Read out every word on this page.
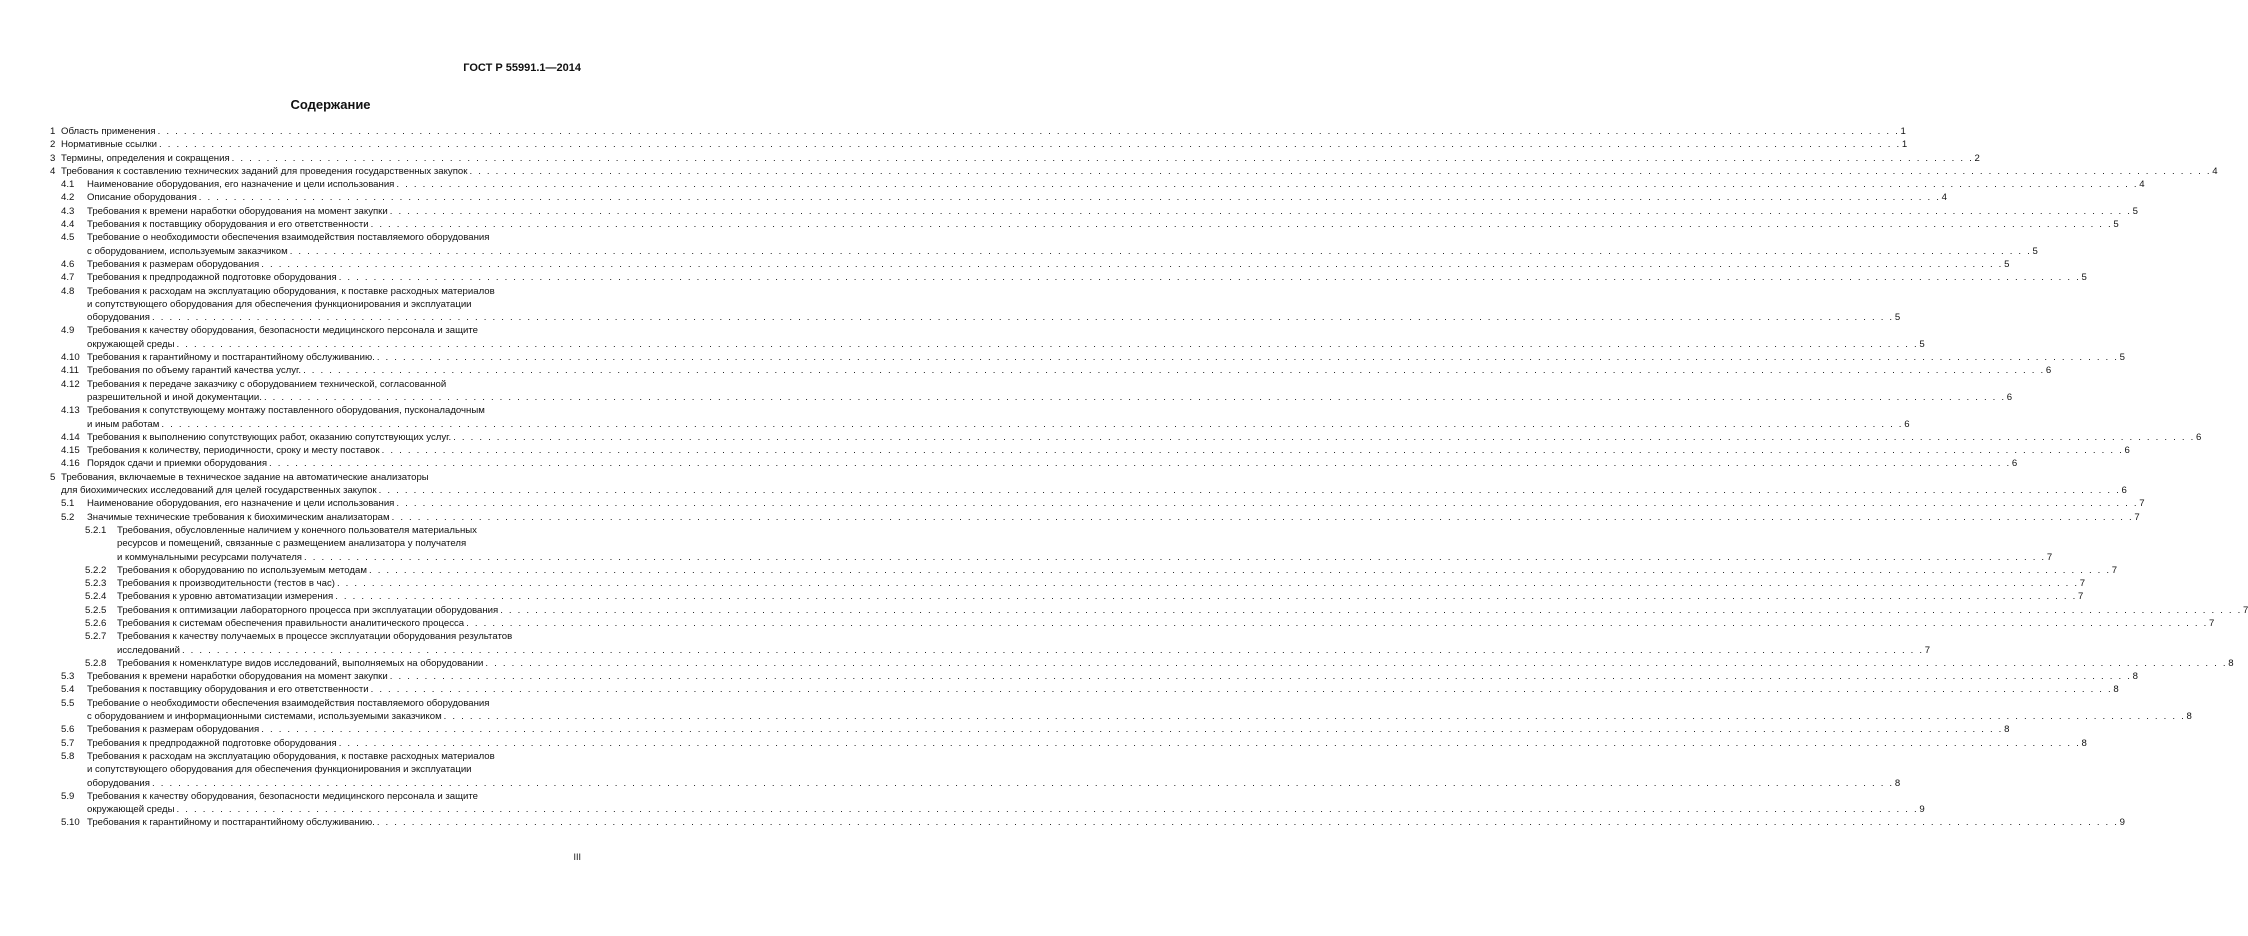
ГОСТ Р 55991.1—2014
Содержание
1 Область применения . . . . . . . . . . . . . . . . . . . . . . . . . . . . . . . . . . . . . . . . . . . . . . . . . . . . . . . . . . . . . . . . . . . . . . . . . . . . . . . . . . . . . . . . . . . . . . . . . . . . . . . . . . . . . . . . . . . . . . . . . . . . . . . . . . . . . . . . . . . . . . . . . . . . . . . . . . . . . . . . . . . . . . . . . . . . . . . . . . . . . . . . . . . . . . . . . . . . . . . . 1
2 Нормативные ссылки . . . . . . . . . . . . . . . . . . . . . . . . . . . . . . . . . . . . . . . . . . . . . . . . . . . . . . . . . . . . . . . . . . . . . . . . . . . . . . . . . . . . . . . . . . . . . . . . . . . . . . . . . . . . . . . . . . . . . . . . . . . . . . . . . . . . . . . . . . . . . . . . . . . . . . . . . . . . . . . . . . . . . . . . . . . . . . . . . . . . . . . . . . . . . . . . . . . . . . . . 1
3 Термины, определения и сокращения . . . . . . . . . . . . . . . . . . . . . . . . . . . . . . . . . . . . . . . . . . . . . . . . . . . . . . . . . . . . . . . . . . . . . . . . . . . . . . . . . . . . . . . . . . . . . . . . . . . . . . . . . . . . . . . . . . . . . . . . . . . . . . . . . . . . . . . . . . . . . . . . . . . . . . . . . . . . . . . . . . . . . . . . . . . . . . . . . . . . . . . . . . . . . . . . . . . . . . . . 2
4 Требования к составлению технических заданий для проведения государственных закупок . . . . . . . . . . . . . . . . . . . . . . . . . . . . . . . . . . . . . . . . . . . . . . . . . . . . . . . . . . . . . . . . . . . . . . . . . . . . . . . . . . . . . . . . . . . . . . . . . . . . . . . . . . . . . . . . . . . . . . . . . . . . . . . . . . . . . . . . . . . . . . . . . . . . . . . . . . . . . . . . . . . . . . . . . . . . . . . . . . . . . . . . . . . . . . . . . . . . . . . . 4
4.1	Наименование оборудования, его назначение и цели использования . . . . . . . . . . . . . . . . . . . . . . . . . . . . . . . . . . . . . . . . . . . . . . . . . . . . . . . . . . . . . . . . . . . . . . . . . . . . . . . . . . . . . . . . . . . . . . . . . . . . . . . . . . . . . . . . . . . . . . . . . . . . . . . . . . . . . . . . . . . . . . . . . . . . . . . . . . . . . . . . . . . . . . . . . . . . . . . . . . . . . . . . . . . . . . . . . . . . . . . . 4
4.2	Описание оборудования . . . . . . . . . . . . . . . . . . . . . . . . . . . . . . . . . . . . . . . . . . . . . . . . . . . . . . . . . . . . . . . . . . . . . . . . . . . . . . . . . . . . . . . . . . . . . . . . . . . . . . . . . . . . . . . . . . . . . . . . . . . . . . . . . . . . . . . . . . . . . . . . . . . . . . . . . . . . . . . . . . . . . . . . . . . . . . . . . . . . . . . . . . . . . . . . . . . . . . . . 4
4.3	Требования к времени наработки оборудования на момент закупки . . . . . . . . . . . . . . . . . . . . . . . . . . . . . . . . . . . . . . . . . . . . . . . . . . . . . . . . . . . . . . . . . . . . . . . . . . . . . . . . . . . . . . . . . . . . . . . . . . . . . . . . . . . . . . . . . . . . . . . . . . . . . . . . . . . . . . . . . . . . . . . . . . . . . . . . . . . . . . . . . . . . . . . . . . . . . . . . . . . . . . . . . . . . . . . . . . . . . . . . 5
4.4	Требования к поставщику оборудования и его ответственности . . . . . . . . . . . . . . . . . . . . . . . . . . . . . . . . . . . . . . . . . . . . . . . . . . . . . . . . . . . . . . . . . . . . . . . . . . . . . . . . . . . . . . . . . . . . . . . . . . . . . . . . . . . . . . . . . . . . . . . . . . . . . . . . . . . . . . . . . . . . . . . . . . . . . . . . . . . . . . . . . . . . . . . . . . . . . . . . . . . . . . . . . . . . . . . . . . . . . . . . 5
4.5	Требование о необходимости обеспечения взаимодействия поставляемого оборудования
с оборудованием, используемым заказчиком . . . . . . . . . . . . . . . . . . . . . . . . . . . . . . . . . . . . . . . . . . . . . . . . . . . . . . . . . . . . . . . . . . . . . . . . . . . . . . . . . . . . . . . . . . . . . . . . . . . . . . . . . . . . . . . . . . . . . . . . . . . . . . . . . . . . . . . . . . . . . . . . . . . . . . . . . . . . . . . . . . . . . . . . . . . . . . . . . . . . . . . . . . . . . . . . . . . . . . . . 5
4.6	Требования к размерам оборудования . . . . . . . . . . . . . . . . . . . . . . . . . . . . . . . . . . . . . . . . . . . . . . . . . . . . . . . . . . . . . . . . . . . . . . . . . . . . . . . . . . . . . . . . . . . . . . . . . . . . . . . . . . . . . . . . . . . . . . . . . . . . . . . . . . . . . . . . . . . . . . . . . . . . . . . . . . . . . . . . . . . . . . . . . . . . . . . . . . . . . . . . . . . . . . . . . . . . . . . . 5
4.7	Требования к предпродажной подготовке оборудования . . . . . . . . . . . . . . . . . . . . . . . . . . . . . . . . . . . . . . . . . . . . . . . . . . . . . . . . . . . . . . . . . . . . . . . . . . . . . . . . . . . . . . . . . . . . . . . . . . . . . . . . . . . . . . . . . . . . . . . . . . . . . . . . . . . . . . . . . . . . . . . . . . . . . . . . . . . . . . . . . . . . . . . . . . . . . . . . . . . . . . . . . . . . . . . . . . . . . . . . 5
4.8	Требования к расходам на эксплуатацию оборудования, к поставке расходных материалов
и сопутствующего оборудования для обеспечения функционирования и эксплуатации
оборудования . . . . . . . . . . . . . . . . . . . . . . . . . . . . . . . . . . . . . . . . . . . . . . . . . . . . . . . . . . . . . . . . . . . . . . . . . . . . . . . . . . . . . . . . . . . . . . . . . . . . . . . . . . . . . . . . . . . . . . . . . . . . . . . . . . . . . . . . . . . . . . . . . . . . . . . . . . . . . . . . . . . . . . . . . . . . . . . . . . . . . . . . . . . . . . . . . . . . . . . . 5
4.9	Требования к качеству оборудования, безопасности медицинского персонала и защите
окружающей среды . . . . . . . . . . . . . . . . . . . . . . . . . . . . . . . . . . . . . . . . . . . . . . . . . . . . . . . . . . . . . . . . . . . . . . . . . . . . . . . . . . . . . . . . . . . . . . . . . . . . . . . . . . . . . . . . . . . . . . . . . . . . . . . . . . . . . . . . . . . . . . . . . . . . . . . . . . . . . . . . . . . . . . . . . . . . . . . . . . . . . . . . . . . . . . . . . . . . . . . . 5
4.10 Требования к гарантийному и постгарантийному обслуживанию. . . . . . . . . . . . . . . . . . . . . . . . . . . . . . . . . . . . . . . . . . . . . . . . . . . . . . . . . . . . . . . . . . . . . . . . . . . . . . . . . . . . . . . . . . . . . . . . . . . . . . . . . . . . . . . . . . . . . . . . . . . . . . . . . . . . . . . . . . . . . . . . . . . . . . . . . . . . . . . . . . . . . . . . . . . . . . . . . . . . . . . . . . . . . . . . . . . . . . . . . 5
4.11 Требования по объему гарантий качества услуг. . . . . . . . . . . . . . . . . . . . . . . . . . . . . . . . . . . . . . . . . . . . . . . . . . . . . . . . . . . . . . . . . . . . . . . . . . . . . . . . . . . . . . . . . . . . . . . . . . . . . . . . . . . . . . . . . . . . . . . . . . . . . . . . . . . . . . . . . . . . . . . . . . . . . . . . . . . . . . . . . . . . . . . . . . . . . . . . . . . . . . . . . . . . . . . . . . . . . . . . . 6
4.12 Требования к передаче заказчику с оборудованием технической, согласованной
разрешительной и иной документации. . . . . . . . . . . . . . . . . . . . . . . . . . . . . . . . . . . . . . . . . . . . . . . . . . . . . . . . . . . . . . . . . . . . . . . . . . . . . . . . . . . . . . . . . . . . . . . . . . . . . . . . . . . . . . . . . . . . . . . . . . . . . . . . . . . . . . . . . . . . . . . . . . . . . . . . . . . . . . . . . . . . . . . . . . . . . . . . . . . . . . . . . . . . . . . . . . . . . . . . . 6
4.13 Требования к сопутствующему монтажу поставленного оборудования, пусконаладочным
и иным работам . . . . . . . . . . . . . . . . . . . . . . . . . . . . . . . . . . . . . . . . . . . . . . . . . . . . . . . . . . . . . . . . . . . . . . . . . . . . . . . . . . . . . . . . . . . . . . . . . . . . . . . . . . . . . . . . . . . . . . . . . . . . . . . . . . . . . . . . . . . . . . . . . . . . . . . . . . . . . . . . . . . . . . . . . . . . . . . . . . . . . . . . . . . . . . . . . . . . . . . . 6
4.14 Требования к выполнению сопутствующих работ, оказанию сопутствующих услуг. . . . . . . . . . . . . . . . . . . . . . . . . . . . . . . . . . . . . . . . . . . . . . . . . . . . . . . . . . . . . . . . . . . . . . . . . . . . . . . . . . . . . . . . . . . . . . . . . . . . . . . . . . . . . . . . . . . . . . . . . . . . . . . . . . . . . . . . . . . . . . . . . . . . . . . . . . . . . . . . . . . . . . . . . . . . . . . . . . . . . . . . . . . . . . . . . . . . . . . . . 6
4.15 Требования к количеству, периодичности, сроку и месту поставок . . . . . . . . . . . . . . . . . . . . . . . . . . . . . . . . . . . . . . . . . . . . . . . . . . . . . . . . . . . . . . . . . . . . . . . . . . . . . . . . . . . . . . . . . . . . . . . . . . . . . . . . . . . . . . . . . . . . . . . . . . . . . . . . . . . . . . . . . . . . . . . . . . . . . . . . . . . . . . . . . . . . . . . . . . . . . . . . . . . . . . . . . . . . . . . . . . . . . . . . 6
4.16 Порядок сдачи и приемки оборудования . . . . . . . . . . . . . . . . . . . . . . . . . . . . . . . . . . . . . . . . . . . . . . . . . . . . . . . . . . . . . . . . . . . . . . . . . . . . . . . . . . . . . . . . . . . . . . . . . . . . . . . . . . . . . . . . . . . . . . . . . . . . . . . . . . . . . . . . . . . . . . . . . . . . . . . . . . . . . . . . . . . . . . . . . . . . . . . . . . . . . . . . . . . . . . . . . . . . . . . . 6
5 Требования, включаемые в техническое задание на автоматические анализаторы
для биохимических исследований для целей государственных закупок . . . . . . . . . . . . . . . . . . . . . . . . . . . . . . . . . . . . . . . . . . . . . . . . . . . . . . . . . . . . . . . . . . . . . . . . . . . . . . . . . . . . . . . . . . . . . . . . . . . . . . . . . . . . . . . . . . . . . . . . . . . . . . . . . . . . . . . . . . . . . . . . . . . . . . . . . . . . . . . . . . . . . . . . . . . . . . . . . . . . . . . . . . . . . . . . . . . . . . . . 6
5.1	Наименование оборудования, его назначение и цели использования . . . . . . . . . . . . . . . . . . . . . . . . . . . . . . . . . . . . . . . . . . . . . . . . . . . . . . . . . . . . . . . . . . . . . . . . . . . . . . . . . . . . . . . . . . . . . . . . . . . . . . . . . . . . . . . . . . . . . . . . . . . . . . . . . . . . . . . . . . . . . . . . . . . . . . . . . . . . . . . . . . . . . . . . . . . . . . . . . . . . . . . . . . . . . . . . . . . . . . . . 7
5.2	Значимые технические требования к биохимическим анализаторам . . . . . . . . . . . . . . . . . . . . . . . . . . . . . . . . . . . . . . . . . . . . . . . . . . . . . . . . . . . . . . . . . . . . . . . . . . . . . . . . . . . . . . . . . . . . . . . . . . . . . . . . . . . . . . . . . . . . . . . . . . . . . . . . . . . . . . . . . . . . . . . . . . . . . . . . . . . . . . . . . . . . . . . . . . . . . . . . . . . . . . . . . . . . . . . . . . . . . . . . 7
5.2.1	Требования, обусловленные наличием у конечного пользователя материальных
ресурсов и помещений, связанные с размещением анализатора у получателя
и коммунальными ресурсами получателя . . . . . . . . . . . . . . . . . . . . . . . . . . . . . . . . . . . . . . . . . . . . . . . . . . . . . . . . . . . . . . . . . . . . . . . . . . . . . . . . . . . . . . . . . . . . . . . . . . . . . . . . . . . . . . . . . . . . . . . . . . . . . . . . . . . . . . . . . . . . . . . . . . . . . . . . . . . . . . . . . . . . . . . . . . . . . . . . . . . . . . . . . . . . . . . . . . . . . . . . 7
5.2.2	Требования к оборудованию по используемым методам . . . . . . . . . . . . . . . . . . . . . . . . . . . . . . . . . . . . . . . . . . . . . . . . . . . . . . . . . . . . . . . . . . . . . . . . . . . . . . . . . . . . . . . . . . . . . . . . . . . . . . . . . . . . . . . . . . . . . . . . . . . . . . . . . . . . . . . . . . . . . . . . . . . . . . . . . . . . . . . . . . . . . . . . . . . . . . . . . . . . . . . . . . . . . . . . . . . . . . . . 7
5.2.3	Требования к производительности (тестов в час) . . . . . . . . . . . . . . . . . . . . . . . . . . . . . . . . . . . . . . . . . . . . . . . . . . . . . . . . . . . . . . . . . . . . . . . . . . . . . . . . . . . . . . . . . . . . . . . . . . . . . . . . . . . . . . . . . . . . . . . . . . . . . . . . . . . . . . . . . . . . . . . . . . . . . . . . . . . . . . . . . . . . . . . . . . . . . . . . . . . . . . . . . . . . . . . . . . . . . . . . 7
5.2.4	Требования к уровню автоматизации измерения . . . . . . . . . . . . . . . . . . . . . . . . . . . . . . . . . . . . . . . . . . . . . . . . . . . . . . . . . . . . . . . . . . . . . . . . . . . . . . . . . . . . . . . . . . . . . . . . . . . . . . . . . . . . . . . . . . . . . . . . . . . . . . . . . . . . . . . . . . . . . . . . . . . . . . . . . . . . . . . . . . . . . . . . . . . . . . . . . . . . . . . . . . . . . . . . . . . . . . . . 7
5.2.5	Требования к оптимизации лабораторного процесса при эксплуатации оборудования . . . . . . . . . . . . . . . . . . . . . . . . . . . . . . . . . . . . . . . . . . . . . . . . . . . . . . . . . . . . . . . . . . . . . . . . . . . . . . . . . . . . . . . . . . . . . . . . . . . . . . . . . . . . . . . . . . . . . . . . . . . . . . . . . . . . . . . . . . . . . . . . . . . . . . . . . . . . . . . . . . . . . . . . . . . . . . . . . . . . . . . . . . . . . . . . . . . . . . . . 7
5.2.6	Требования к системам обеспечения правильности аналитического процесса . . . . . . . . . . . . . . . . . . . . . . . . . . . . . . . . . . . . . . . . . . . . . . . . . . . . . . . . . . . . . . . . . . . . . . . . . . . . . . . . . . . . . . . . . . . . . . . . . . . . . . . . . . . . . . . . . . . . . . . . . . . . . . . . . . . . . . . . . . . . . . . . . . . . . . . . . . . . . . . . . . . . . . . . . . . . . . . . . . . . . . . . . . . . . . . . . . . . . . . . 7
5.2.7	Требования к качеству получаемых в процессе эксплуатации оборудования результатов
исследований . . . . . . . . . . . . . . . . . . . . . . . . . . . . . . . . . . . . . . . . . . . . . . . . . . . . . . . . . . . . . . . . . . . . . . . . . . . . . . . . . . . . . . . . . . . . . . . . . . . . . . . . . . . . . . . . . . . . . . . . . . . . . . . . . . . . . . . . . . . . . . . . . . . . . . . . . . . . . . . . . . . . . . . . . . . . . . . . . . . . . . . . . . . . . . . . . . . . . . . . 7
5.2.8	Требования к номенклатуре видов исследований, выполняемых на оборудовании . . . . . . . . . . . . . . . . . . . . . . . . . . . . . . . . . . . . . . . . . . . . . . . . . . . . . . . . . . . . . . . . . . . . . . . . . . . . . . . . . . . . . . . . . . . . . . . . . . . . . . . . . . . . . . . . . . . . . . . . . . . . . . . . . . . . . . . . . . . . . . . . . . . . . . . . . . . . . . . . . . . . . . . . . . . . . . . . . . . . . . . . . . . . . . . . . . . . . . . . 8
5.3	Требования к времени наработки оборудования на момент закупки . . . . . . . . . . . . . . . . . . . . . . . . . . . . . . . . . . . . . . . . . . . . . . . . . . . . . . . . . . . . . . . . . . . . . . . . . . . . . . . . . . . . . . . . . . . . . . . . . . . . . . . . . . . . . . . . . . . . . . . . . . . . . . . . . . . . . . . . . . . . . . . . . . . . . . . . . . . . . . . . . . . . . . . . . . . . . . . . . . . . . . . . . . . . . . . . . . . . . . . . 8
5.4	Требования к поставщику оборудования и его ответственности . . . . . . . . . . . . . . . . . . . . . . . . . . . . . . . . . . . . . . . . . . . . . . . . . . . . . . . . . . . . . . . . . . . . . . . . . . . . . . . . . . . . . . . . . . . . . . . . . . . . . . . . . . . . . . . . . . . . . . . . . . . . . . . . . . . . . . . . . . . . . . . . . . . . . . . . . . . . . . . . . . . . . . . . . . . . . . . . . . . . . . . . . . . . . . . . . . . . . . . . 8
5.5	Требование о необходимости обеспечения взаимодействия поставляемого оборудования
с оборудованием и информационными системами, используемыми заказчиком . . . . . . . . . . . . . . . . . . . . . . . . . . . . . . . . . . . . . . . . . . . . . . . . . . . . . . . . . . . . . . . . . . . . . . . . . . . . . . . . . . . . . . . . . . . . . . . . . . . . . . . . . . . . . . . . . . . . . . . . . . . . . . . . . . . . . . . . . . . . . . . . . . . . . . . . . . . . . . . . . . . . . . . . . . . . . . . . . . . . . . . . . . . . . . . . . . . . . . . . 8
5.6	Требования к размерам оборудования . . . . . . . . . . . . . . . . . . . . . . . . . . . . . . . . . . . . . . . . . . . . . . . . . . . . . . . . . . . . . . . . . . . . . . . . . . . . . . . . . . . . . . . . . . . . . . . . . . . . . . . . . . . . . . . . . . . . . . . . . . . . . . . . . . . . . . . . . . . . . . . . . . . . . . . . . . . . . . . . . . . . . . . . . . . . . . . . . . . . . . . . . . . . . . . . . . . . . . . . 8
5.7	Требования к предпродажной подготовке оборудования . . . . . . . . . . . . . . . . . . . . . . . . . . . . . . . . . . . . . . . . . . . . . . . . . . . . . . . . . . . . . . . . . . . . . . . . . . . . . . . . . . . . . . . . . . . . . . . . . . . . . . . . . . . . . . . . . . . . . . . . . . . . . . . . . . . . . . . . . . . . . . . . . . . . . . . . . . . . . . . . . . . . . . . . . . . . . . . . . . . . . . . . . . . . . . . . . . . . . . . . 8
5.8	Требования к расходам на эксплуатацию оборудования, к поставке расходных материалов
и сопутствующего оборудования для обеспечения функционирования и эксплуатации
оборудования . . . . . . . . . . . . . . . . . . . . . . . . . . . . . . . . . . . . . . . . . . . . . . . . . . . . . . . . . . . . . . . . . . . . . . . . . . . . . . . . . . . . . . . . . . . . . . . . . . . . . . . . . . . . . . . . . . . . . . . . . . . . . . . . . . . . . . . . . . . . . . . . . . . . . . . . . . . . . . . . . . . . . . . . . . . . . . . . . . . . . . . . . . . . . . . . . . . . . . . . 8
5.9	Требования к качеству оборудования, безопасности медицинского персонала и защите
окружающей среды . . . . . . . . . . . . . . . . . . . . . . . . . . . . . . . . . . . . . . . . . . . . . . . . . . . . . . . . . . . . . . . . . . . . . . . . . . . . . . . . . . . . . . . . . . . . . . . . . . . . . . . . . . . . . . . . . . . . . . . . . . . . . . . . . . . . . . . . . . . . . . . . . . . . . . . . . . . . . . . . . . . . . . . . . . . . . . . . . . . . . . . . . . . . . . . . . . . . . . . . 9
5.10 Требования к гарантийному и постгарантийному обслуживанию. . . . . . . . . . . . . . . . . . . . . . . . . . . . . . . . . . . . . . . . . . . . . . . . . . . . . . . . . . . . . . . . . . . . . . . . . . . . . . . . . . . . . . . . . . . . . . . . . . . . . . . . . . . . . . . . . . . . . . . . . . . . . . . . . . . . . . . . . . . . . . . . . . . . . . . . . . . . . . . . . . . . . . . . . . . . . . . . . . . . . . . . . . . . . . . . . . . . . . . . . 9
III
